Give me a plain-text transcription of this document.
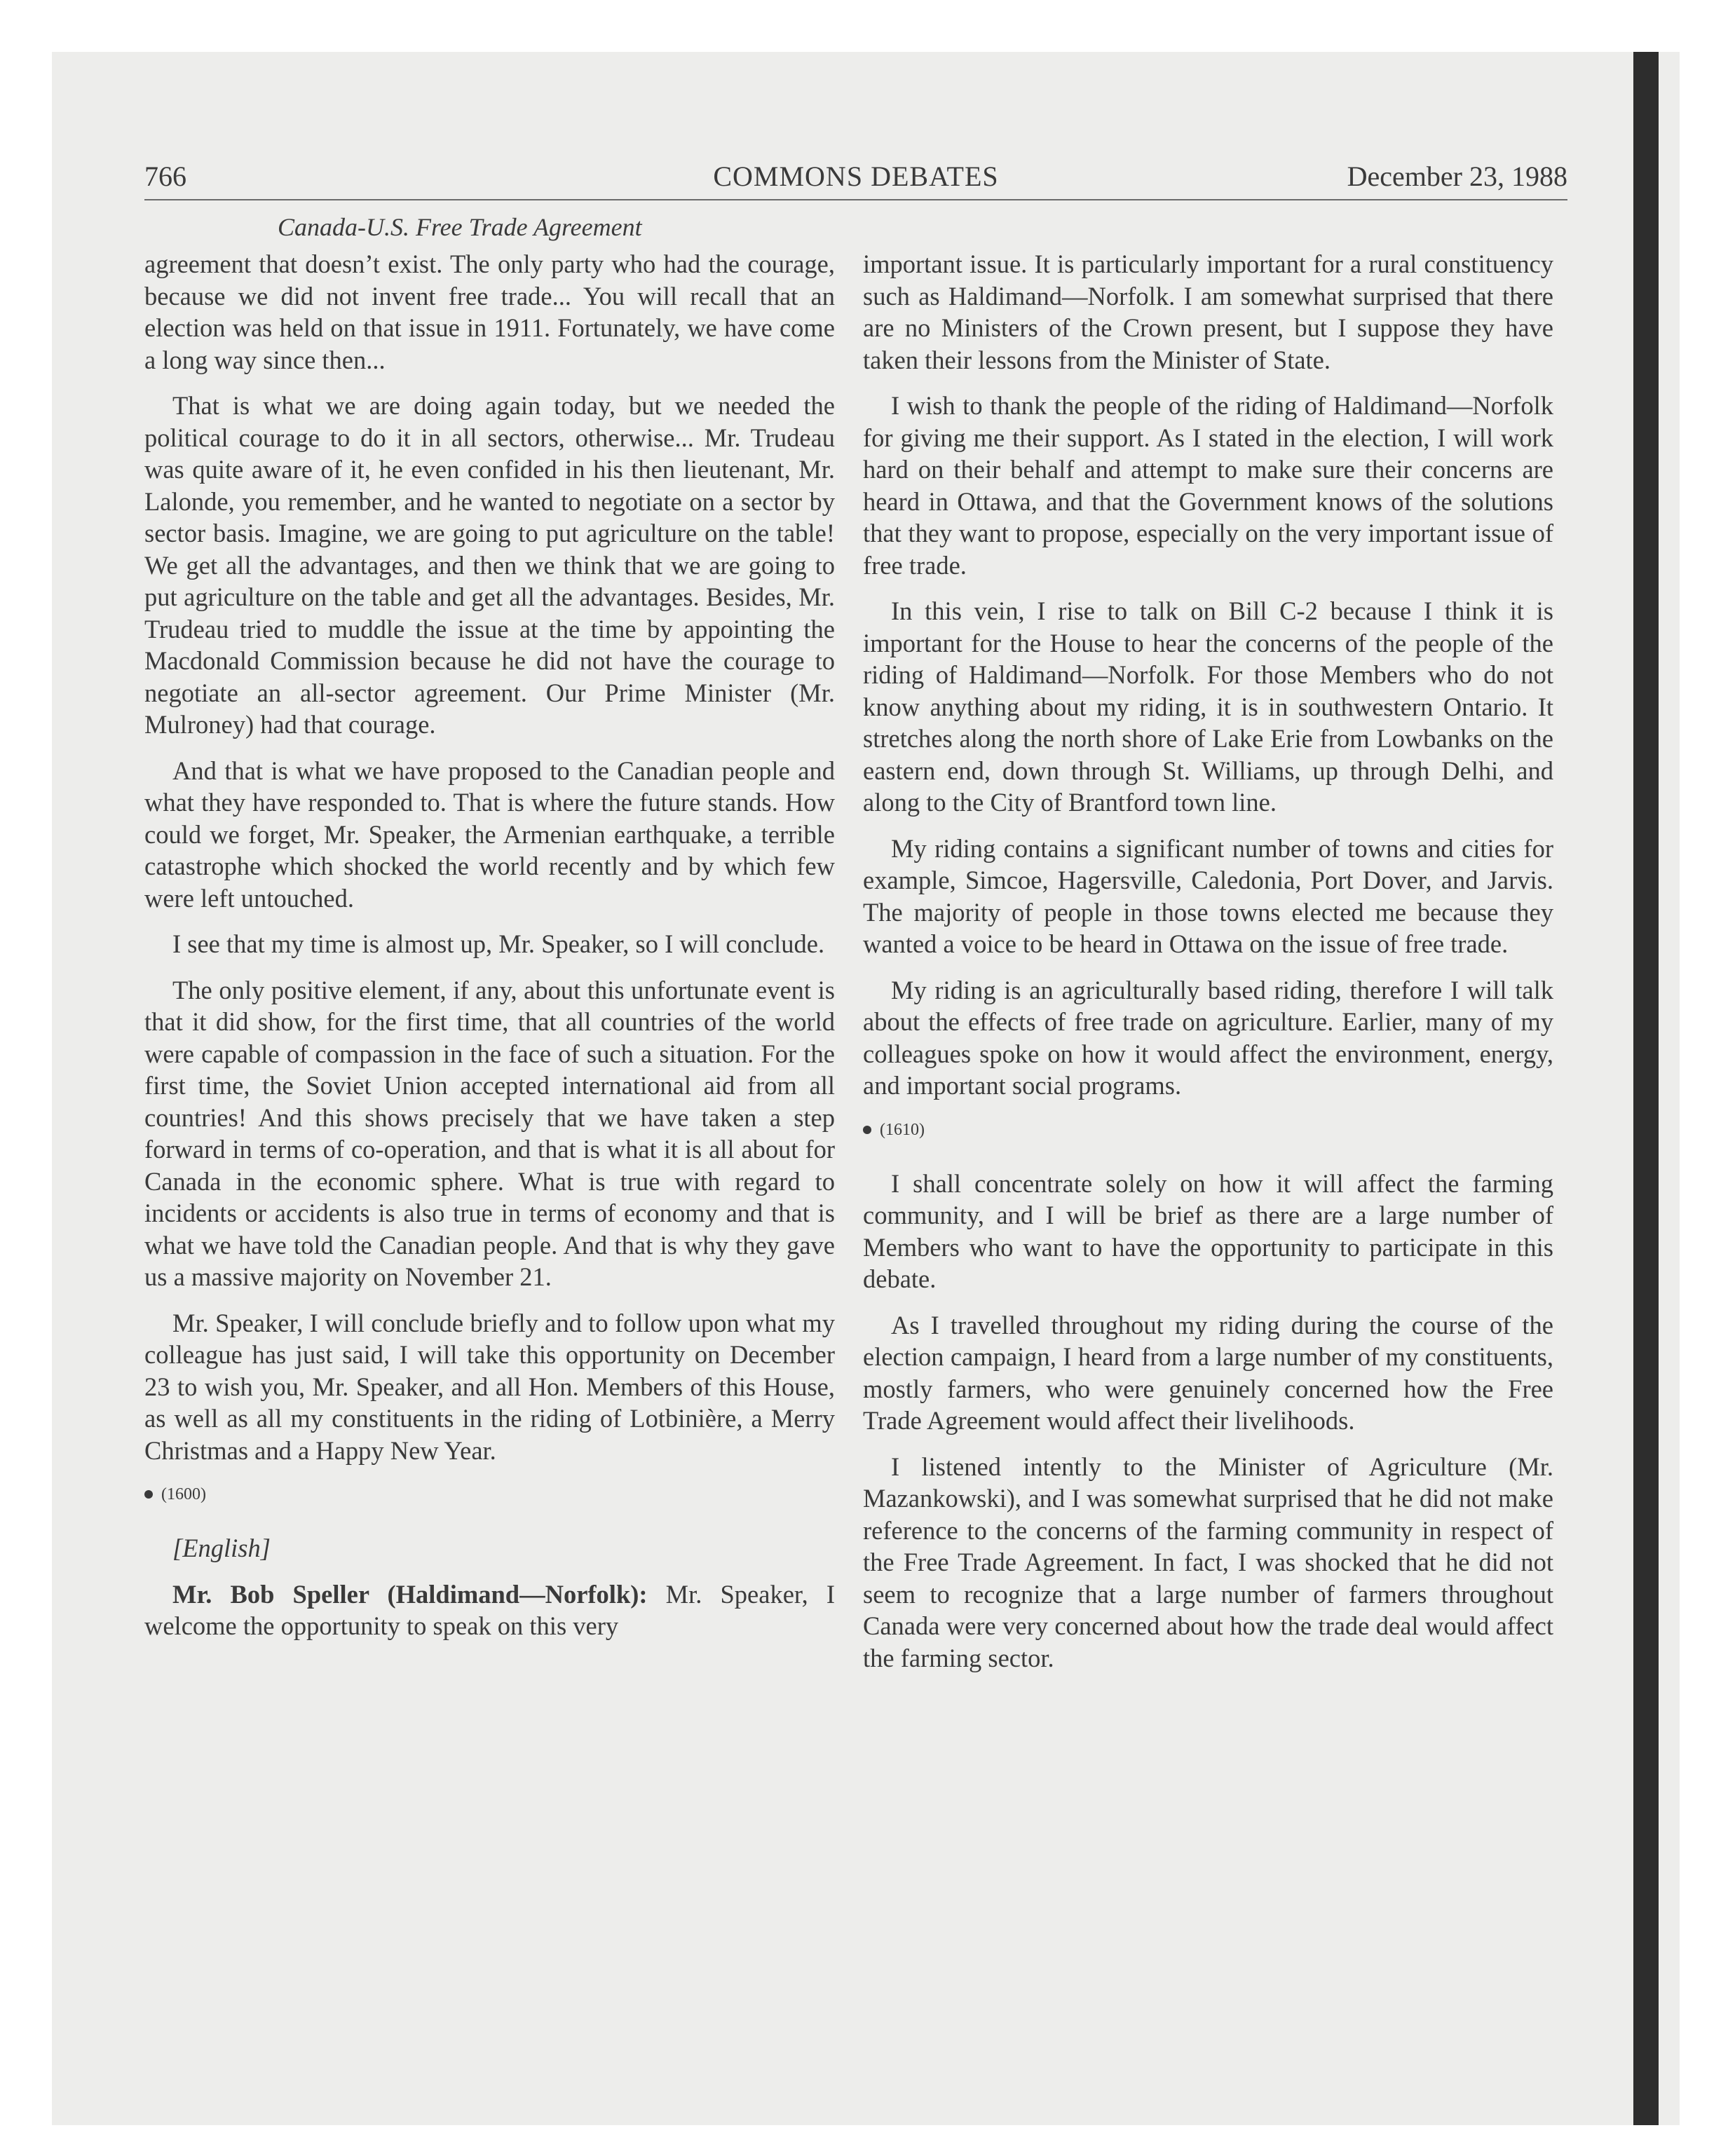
766	COMMONS DEBATES	December 23, 1988
Canada-U.S. Free Trade Agreement

agreement that doesn’t exist. The only party who had the courage, because we did not invent free trade... You will recall that an election was held on that issue in 1911. Fortunately, we have come a long way since then...

That is what we are doing again today, but we needed the political courage to do it in all sectors, otherwise... Mr. Trudeau was quite aware of it, he even confided in his then lieutenant, Mr. Lalonde, you remember, and he wanted to negotiate on a sector by sector basis. Imagine, we are going to put agriculture on the table! We get all the advantages, and then we think that we are going to put agriculture on the table and get all the advantages. Besides, Mr. Trudeau tried to muddle the issue at the time by appointing the Macdonald Commission because he did not have the courage to negotiate an all-sector agreement. Our Prime Minister (Mr. Mulroney) had that courage.

And that is what we have proposed to the Canadian people and what they have responded to. That is where the future stands. How could we forget, Mr. Speaker, the Armenian earthquake, a terrible catastrophe which shocked the world recently and by which few were left untouched.

I see that my time is almost up, Mr. Speaker, so I will conclude.

The only positive element, if any, about this unfortunate event is that it did show, for the first time, that all countries of the world were capable of compassion in the face of such a situation. For the first time, the Soviet Union accepted international aid from all countries! And this shows precisely that we have taken a step forward in terms of co-operation, and that is what it is all about for Canada in the economic sphere. What is true with regard to incidents or accidents is also true in terms of economy and that is what we have told the Canadian people. And that is why they gave us a massive majority on November 21.

Mr. Speaker, I will conclude briefly and to follow upon what my colleague has just said, I will take this opportunity on December 23 to wish you, Mr. Speaker, and all Hon. Members of this House, as well as all my constituents in the riding of Lotbinière, a Merry Christmas and a Happy New Year.

(1600)

[English]

Mr. Bob Speller (Haldimand—Norfolk): Mr. Speaker, I welcome the opportunity to speak on this very

important issue. It is particularly important for a rural constituency such as Haldimand—Norfolk. I am somewhat surprised that there are no Ministers of the Crown present, but I suppose they have taken their lessons from the Minister of State.

I wish to thank the people of the riding of Haldimand—Norfolk for giving me their support. As I stated in the election, I will work hard on their behalf and attempt to make sure their concerns are heard in Ottawa, and that the Government knows of the solutions that they want to propose, especially on the very important issue of free trade.

In this vein, I rise to talk on Bill C-2 because I think it is important for the House to hear the concerns of the people of the riding of Haldimand—Norfolk. For those Members who do not know anything about my riding, it is in southwestern Ontario. It stretches along the north shore of Lake Erie from Lowbanks on the eastern end, down through St. Williams, up through Delhi, and along to the City of Brantford town line.

My riding contains a significant number of towns and cities for example, Simcoe, Hagersville, Caledonia, Port Dover, and Jarvis. The majority of people in those towns elected me because they wanted a voice to be heard in Ottawa on the issue of free trade.

My riding is an agriculturally based riding, therefore I will talk about the effects of free trade on agriculture. Earlier, many of my colleagues spoke on how it would affect the environment, energy, and important social programs.

(1610)

I shall concentrate solely on how it will affect the farming community, and I will be brief as there are a large number of Members who want to have the opportunity to participate in this debate.

As I travelled throughout my riding during the course of the election campaign, I heard from a large number of my constituents, mostly farmers, who were genuinely concerned how the Free Trade Agreement would affect their livelihoods.

I listened intently to the Minister of Agriculture (Mr. Mazankowski), and I was somewhat surprised that he did not make reference to the concerns of the farming community in respect of the Free Trade Agreement. In fact, I was shocked that he did not seem to recognize that a large number of farmers throughout Canada were very concerned about how the trade deal would affect the farming sector.
